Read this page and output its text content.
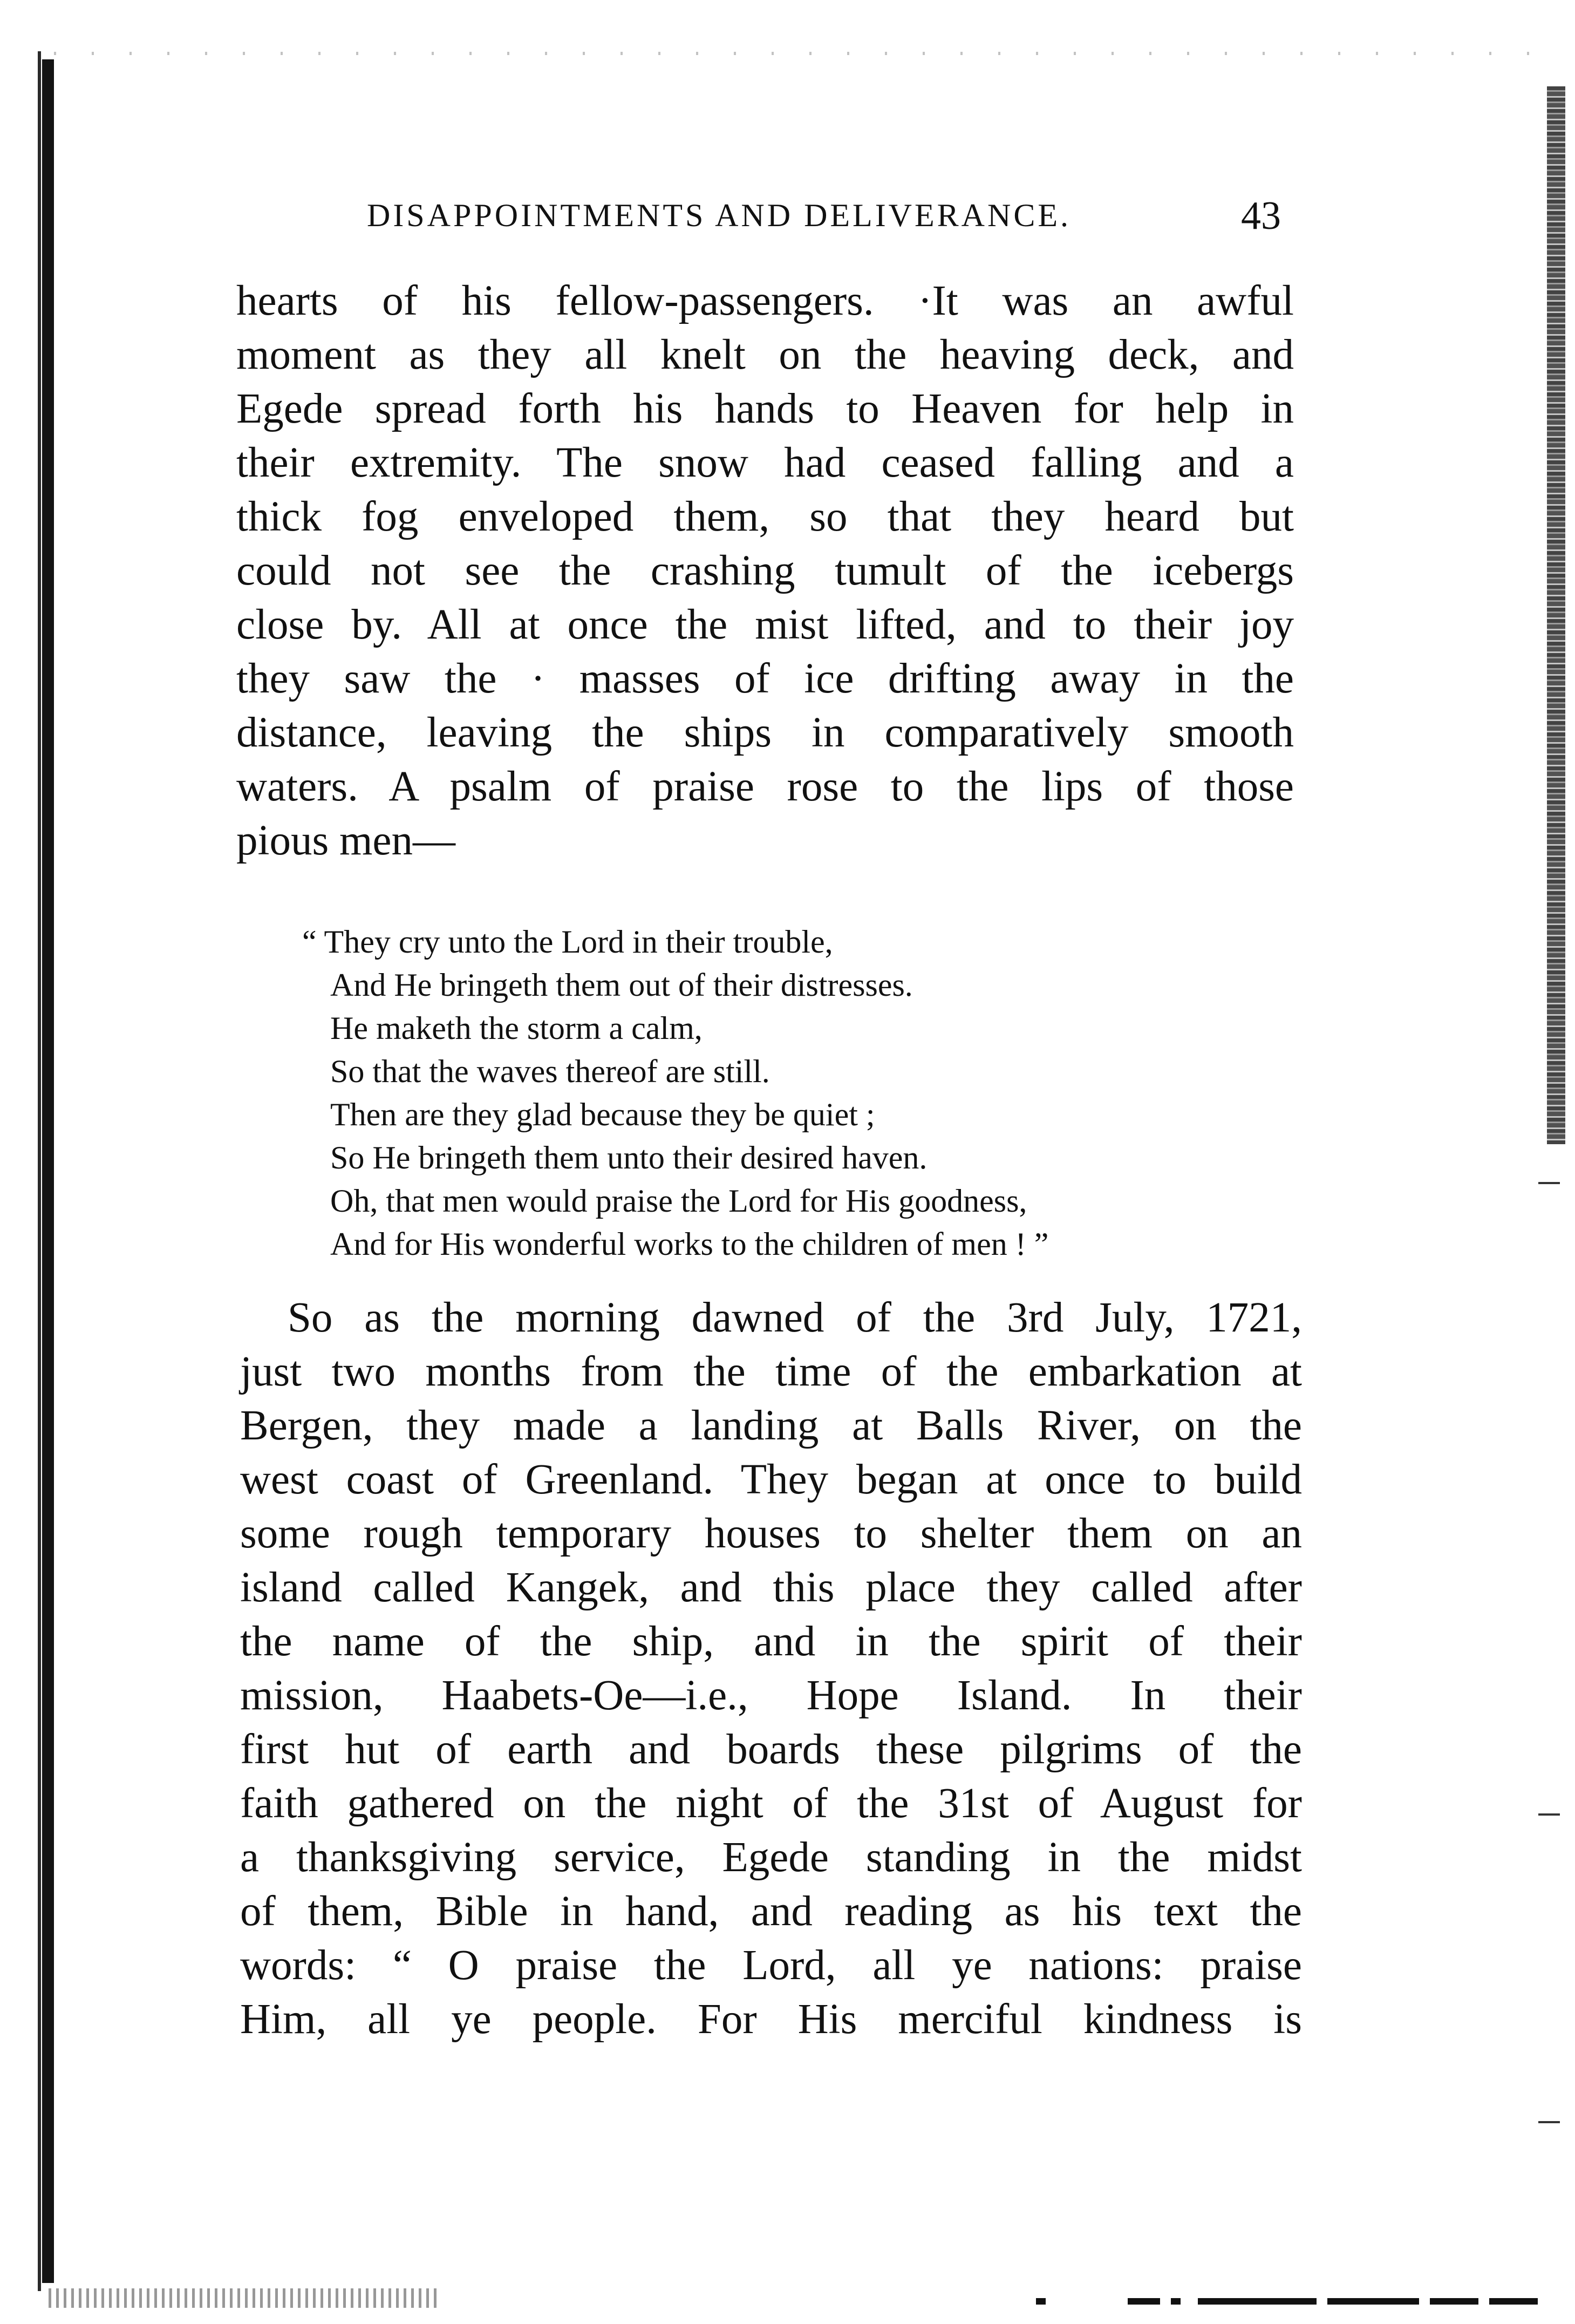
DISAPPOINTMENTS AND DELIVERANCE.	43
hearts of his fellow-passengers. ·It was an awful
moment as they all knelt on the heaving deck, and
Egede spread forth his hands to Heaven for help in
their extremity. The snow had ceased falling and a
thick fog enveloped them, so that they heard but
could not see the crashing tumult of the icebergs
close by. All at once the mist lifted, and to their joy
they saw the · masses of ice drifting away in the
distance, leaving the ships in comparatively smooth
waters. A psalm of praise rose to the lips of those
pious men—
“ They cry unto the Lord in their trouble,
And He bringeth them out of their distresses.
He maketh the storm a calm,
So that the waves thereof are still.
Then are they glad because they be quiet ;
So He bringeth them unto their desired haven.
Oh, that men would praise the Lord for His goodness,
And for His wonderful works to the children of men ! ”
So as the morning dawned of the 3rd July, 1721,
just two months from the time of the embarkation at
Bergen, they made a landing at Balls River, on the
west coast of Greenland. They began at once to build
some rough temporary houses to shelter them on an
island called Kangek, and this place they called after
the name of the ship, and in the spirit of their
mission, Haabets-Oe—i.e., Hope Island. In their
first hut of earth and boards these pilgrims of the
faith gathered on the night of the 31st of August for
a thanksgiving service, Egede standing in the midst
of them, Bible in hand, and reading as his text the
words: “ O praise the Lord, all ye nations: praise
Him, all ye people. For His merciful kindness is
